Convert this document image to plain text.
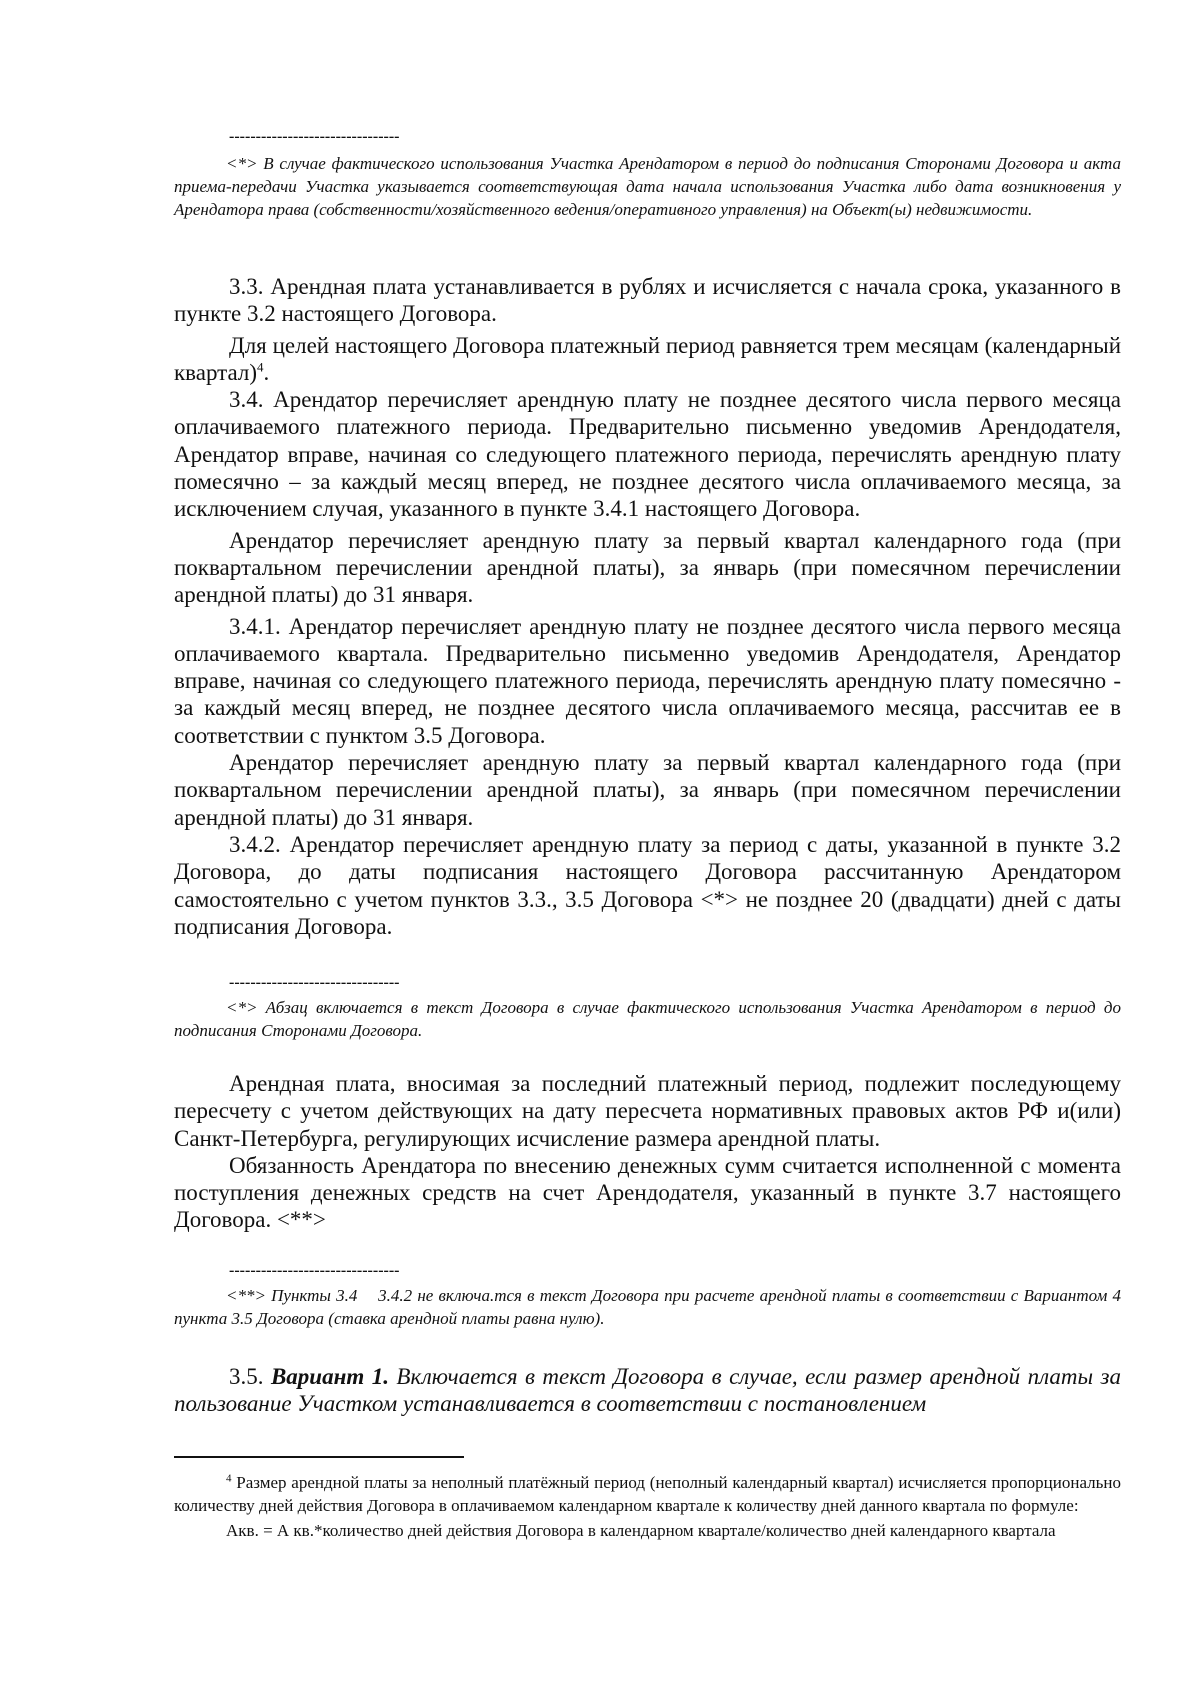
--------------------------------
<*> В случае фактического использования Участка Арендатором в период до подписания Сторонами Договора и акта приема-передачи Участка указывается соответствующая дата начала использования Участка либо дата возникновения у Арендатора права (собственности/хозяйственного ведения/оперативного управления) на Объект(ы) недвижимости.

3.3. Арендная плата устанавливается в рублях и исчисляется с начала срока, указанного в пункте 3.2 настоящего Договора.

Для целей настоящего Договора платежный период равняется трем месяцам (календарный квартал)$^4$.

3.4. Арендатор перечисляет арендную плату не позднее десятого числа первого месяца оплачиваемого платежного периода. Предварительно письменно уведомив Арендодателя, Арендатор вправе, начиная со следующего платежного периода, перечислять арендную плату помесячно – за каждый месяц вперед, не позднее десятого числа оплачиваемого месяца, за исключением случая, указанного в пункте 3.4.1 настоящего Договора.

Арендатор перечисляет арендную плату за первый квартал календарного года (при поквартальном перечислении арендной платы), за январь (при помесячном перечислении арендной платы) до 31 января.

3.4.1. Арендатор перечисляет арендную плату не позднее десятого числа первого месяца оплачиваемого квартала. Предварительно письменно уведомив Арендодателя, Арендатор вправе, начиная со следующего платежного периода, перечислять арендную плату помесячно - за каждый месяц вперед, не позднее десятого числа оплачиваемого месяца, рассчитав ее в соответствии с пунктом 3.5 Договора.

Арендатор перечисляет арендную плату за первый квартал календарного года (при поквартальном перечислении арендной платы), за январь (при помесячном перечислении арендной платы) до 31 января.

3.4.2. Арендатор перечисляет арендную плату за период с даты, указанной в пункте 3.2 Договора, до даты подписания настоящего Договора рассчитанную Арендатором самостоятельно с учетом пунктов 3.3., 3.5 Договора <*> не позднее 20 (двадцати) дней с даты подписания Договора.

--------------------------------
<*> Абзац включается в текст Договора в случае фактического использования Участка Арендатором в период до подписания Сторонами Договора.

Арендная плата, вносимая за последний платежный период, подлежит последующему пересчету с учетом действующих на дату пересчета нормативных правовых актов РФ и(или) Санкт-Петербурга, регулирующих исчисление размера арендной платы.

Обязанность Арендатора по внесению денежных сумм считается исполненной с момента поступления денежных средств на счет Арендодателя, указанный в пункте 3.7 настоящего Договора. <**>

--------------------------------
<**> Пункты 3.4    3.4.2 не включа.тся в текст Договора при расчете арендной платы в соответствии с Вариантом 4 пункта 3.5 Договора (ставка арендной платы равна нулю).

3.5. Вариант 1. Включается в текст Договора в случае, если размер арендной платы за пользование Участком устанавливается в соответствии с постановлением

$^4$ Размер арендной платы за неполный платёжный период (неполный календарный квартал) исчисляется пропорционально количеству дней действия Договора в оплачиваемом календарном квартале к количеству дней данного квартала по формуле:

Акв. = А кв.*количество дней действия Договора в календарном квартале/количество дней календарного квартала
